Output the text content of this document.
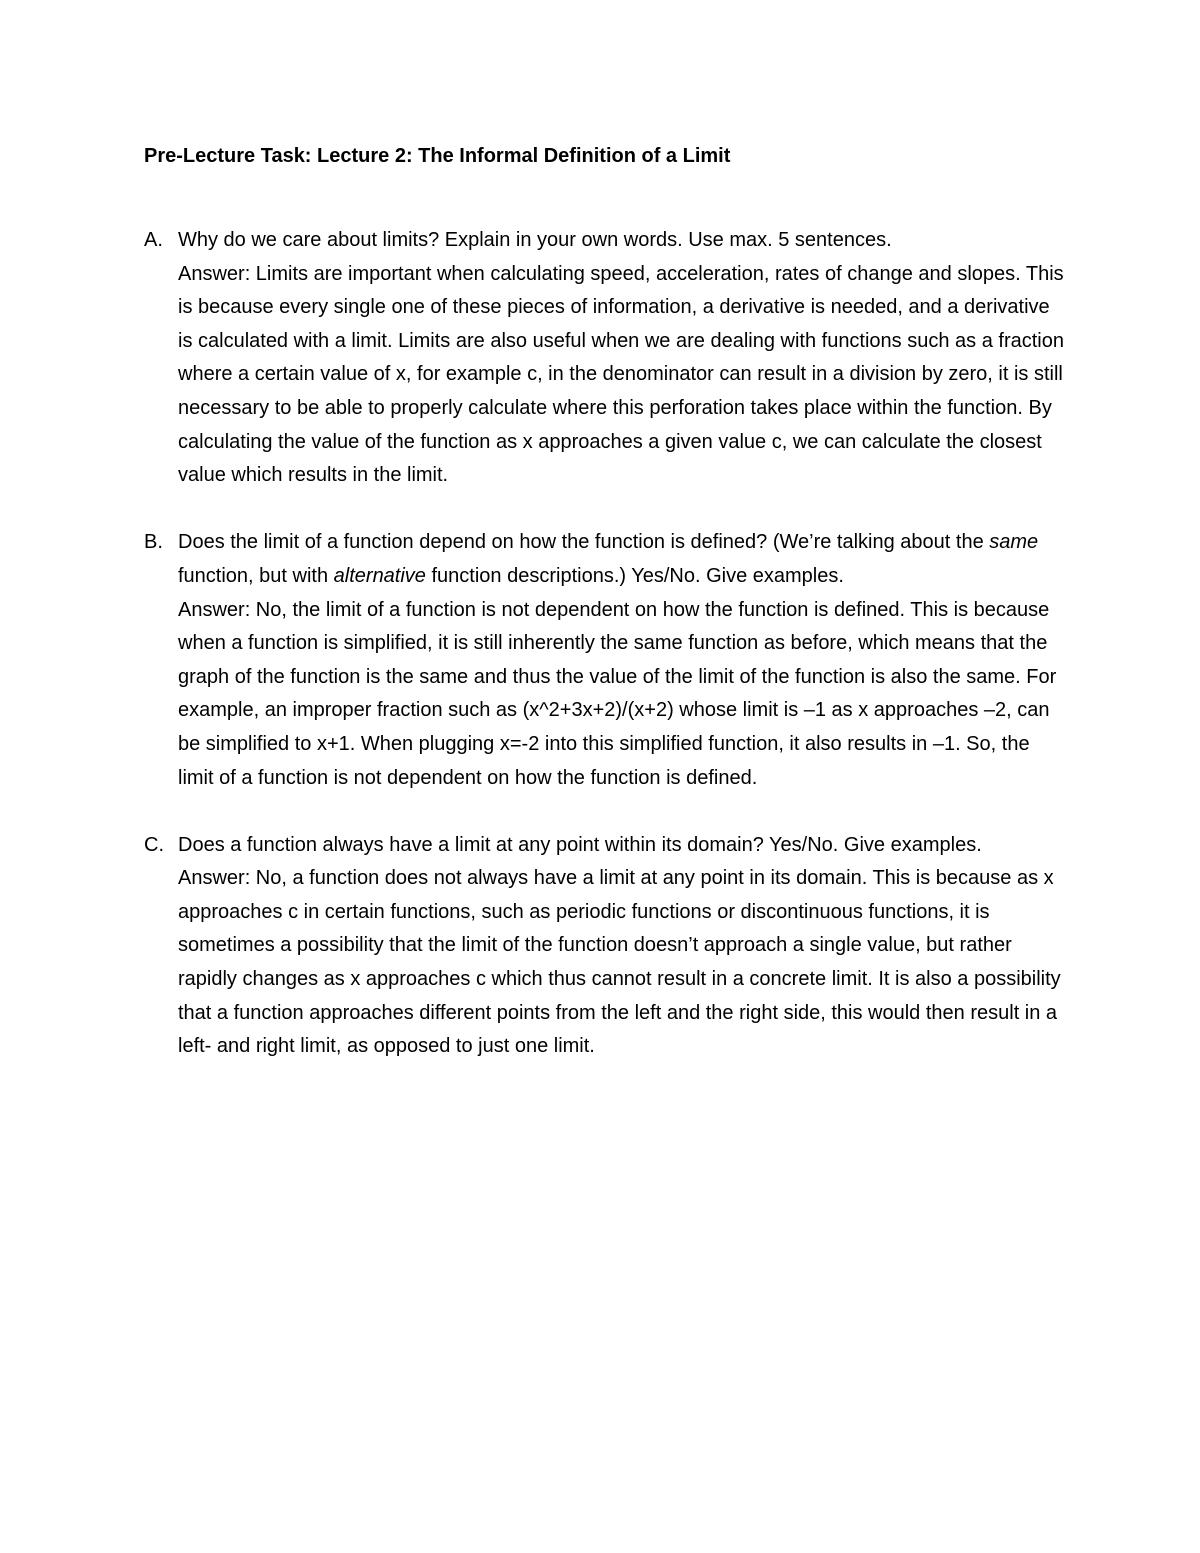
Pre-Lecture Task: Lecture 2: The Informal Definition of a Limit
A. Why do we care about limits? Explain in your own words. Use max. 5 sentences.
Answer: Limits are important when calculating speed, acceleration, rates of change and slopes. This is because every single one of these pieces of information, a derivative is needed, and a derivative is calculated with a limit. Limits are also useful when we are dealing with functions such as a fraction where a certain value of x, for example c, in the denominator can result in a division by zero, it is still necessary to be able to properly calculate where this perforation takes place within the function. By calculating the value of the function as x approaches a given value c, we can calculate the closest value which results in the limit.
B. Does the limit of a function depend on how the function is defined? (We’re talking about the same function, but with alternative function descriptions.) Yes/No. Give examples.
Answer: No, the limit of a function is not dependent on how the function is defined. This is because when a function is simplified, it is still inherently the same function as before, which means that the graph of the function is the same and thus the value of the limit of the function is also the same. For example, an improper fraction such as (x^2+3x+2)/(x+2) whose limit is –1 as x approaches –2, can be simplified to x+1. When plugging x=-2 into this simplified function, it also results in –1. So, the limit of a function is not dependent on how the function is defined.
C. Does a function always have a limit at any point within its domain? Yes/No. Give examples.
Answer: No, a function does not always have a limit at any point in its domain. This is because as x approaches c in certain functions, such as periodic functions or discontinuous functions, it is sometimes a possibility that the limit of the function doesn’t approach a single value, but rather rapidly changes as x approaches c which thus cannot result in a concrete limit. It is also a possibility that a function approaches different points from the left and the right side, this would then result in a left- and right limit, as opposed to just one limit.
